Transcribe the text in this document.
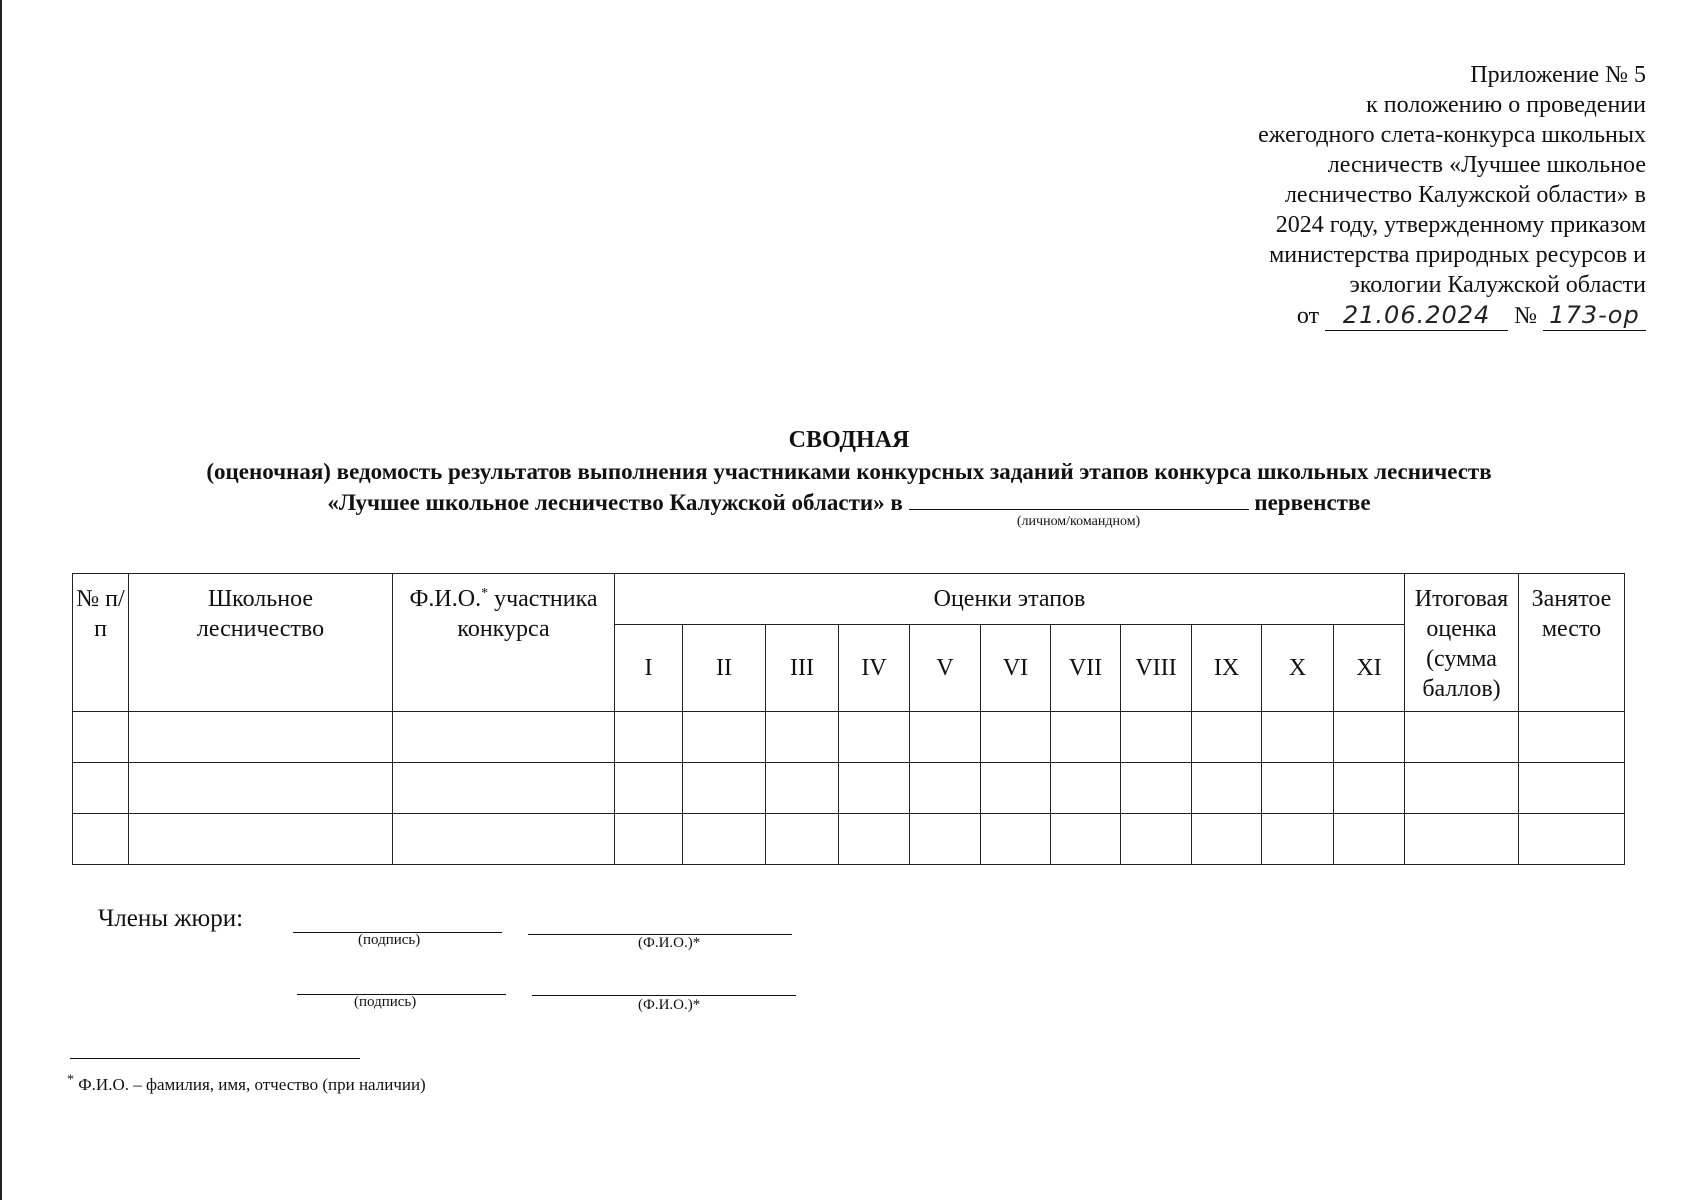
Приложение № 5
к положению о проведении
ежегодного слета-конкурса школьных
лесничеств «Лучшее школьное
лесничество Калужской области» в
2024 году, утвержденному приказом
министерства природных ресурсов и
экологии Калужской области
от 21.06.2024 № 173-ор
СВОДНАЯ
(оценочная) ведомость результатов выполнения участниками конкурсных заданий этапов конкурса школьных лесничеств
«Лучшее школьное лесничество Калужской области» в
(личном/командном)
первенстве
№ п/п	Школьное лесничество	Ф.И.О.* участника конкурса	Оценки этапов											Итоговая оценка (сумма баллов)	Занятое место

			I	II	III	IV	V	VI	VII	VIII	IX	X	XI		

Члены жюри:
(подпись)	(Ф.И.О.)*
(подпись)	(Ф.И.О.)*
* Ф.И.О. – фамилия, имя, отчество (при наличии)
